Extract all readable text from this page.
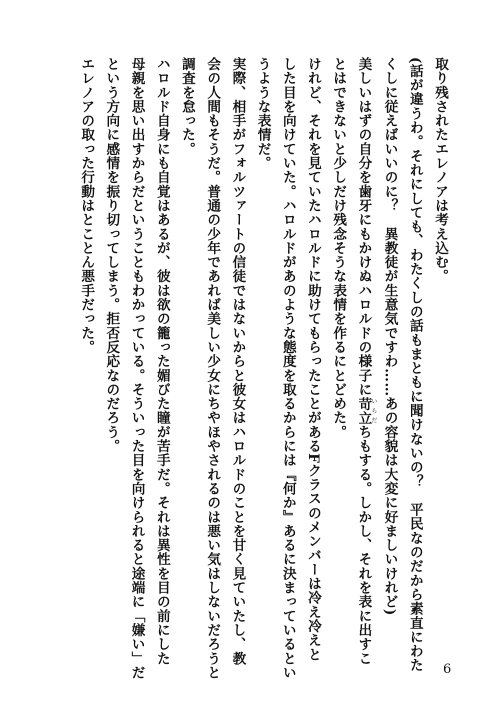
取り残されたエレノアは考え込む。
(話が違うわ。それにしても、わたくしの話もまともに聞けないの？　平民なのだから素直にわた
くしに従えばいいのに？　異教徒が生意気ですわ……あの容貌は大変に好ましいけれど)
美しいはずの自分を歯牙にもかけぬハロルドの様子に苛立いらだちもする。しかし、それを表に出すこ
とはできないと少しだけ残念そうな表情を作るにとどめた。
けれど、それを見ていたハロルドに助けてもらったことがあるFクラスのメンバーは冷え冷えと
した目を向けていた。ハロルドがあのような態度を取るからには『何か』あるに決まっているとい
うような表情だ。
実際、相手がフォルツァートの信徒ではないからと彼女はハロルドのことを甘く見ていたし、教
会の人間もそうだ。普通の少年であれば美しい少女にちやほやされるのは悪い気はしないだろうと
調査を怠った。
ハロルド自身にも自覚はあるが、彼は欲の籠った媚びた瞳が苦手だ。それは異性を目の前にした
母親を思い出すからだということもわかっている。そういった目を向けられると途端に「嫌い」だ
という方向に感情を振り切ってしまう。拒否反応なのだろう。
エレノアの取った行動はとことん悪手だった。
6
